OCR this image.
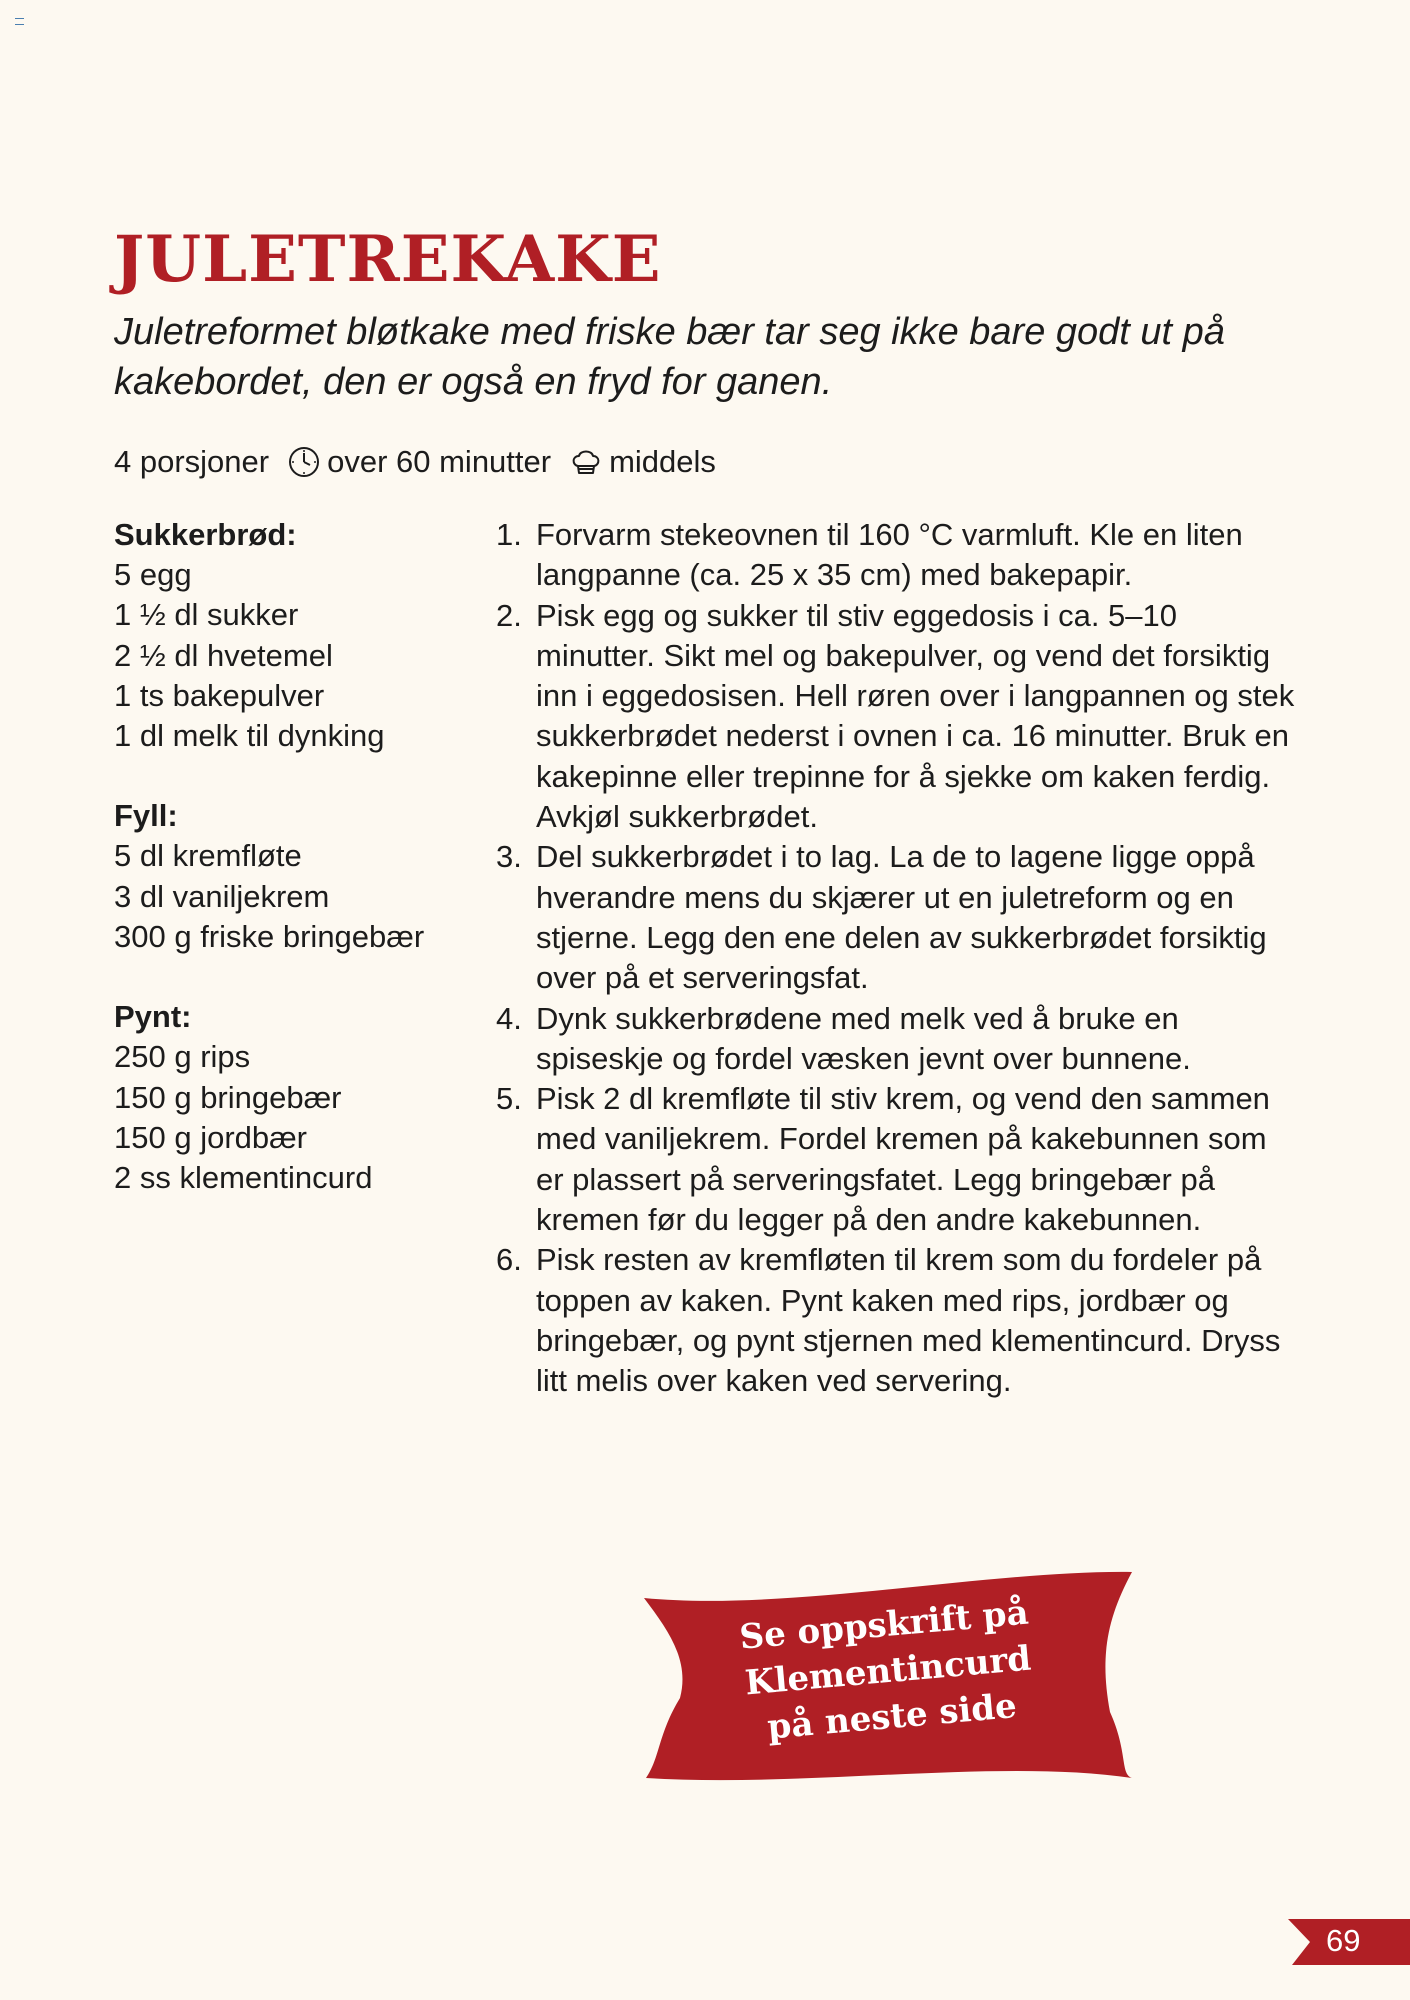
JULETREKAKE

Juletreformet bløtkake med friske bær tar seg ikke bare godt ut på kakebordet, den er også en fryd for ganen.

4 porsjoner over 60 minutter middels
Sukkerbrød:
5 egg
1 ½ dl sukker
2 ½ dl hvetemel
1 ts bakepulver
1 dl melk til dynking
Fyll:
5 dl kremfløte
3 dl vaniljekrem
300 g friske bringebær
Pynt:
250 g rips
150 g bringebær
150 g jordbær
2 ss klementincurd
1. Forvarm stekeovnen til 160 °C varmluft. Kle en liten langpanne (ca. 25 x 35 cm) med bakepapir.
2. Pisk egg og sukker til stiv eggedosis i ca. 5–10 minutter. Sikt mel og bakepulver, og vend det forsiktig inn i eggedosisen. Hell røren over i langpannen og stek sukkerbrødet nederst i ovnen i ca. 16 minutter. Bruk en kakepinne eller trepinne for å sjekke om kaken ferdig. Avkjøl sukkerbrødet.
3. Del sukkerbrødet i to lag. La de to lagene ligge oppå hverandre mens du skjærer ut en juletreform og en stjerne. Legg den ene delen av sukkerbrødet forsiktig over på et serveringsfat.
4. Dynk sukkerbrødene med melk ved å bruke en spiseskje og fordel væsken jevnt over bunnene.
5. Pisk 2 dl kremfløte til stiv krem, og vend den sammen med vaniljekrem. Fordel kremen på kakebunnen som er plassert på serveringsfatet. Legg bringebær på kremen før du legger på den andre kakebunnen.
6. Pisk resten av kremfløten til krem som du fordeler på toppen av kaken. Pynt kaken med rips, jordbær og bringebær, og pynt stjernen med klementincurd. Dryss litt melis over kaken ved servering.
Se oppskrift på
Klementincurd
på neste side
69
